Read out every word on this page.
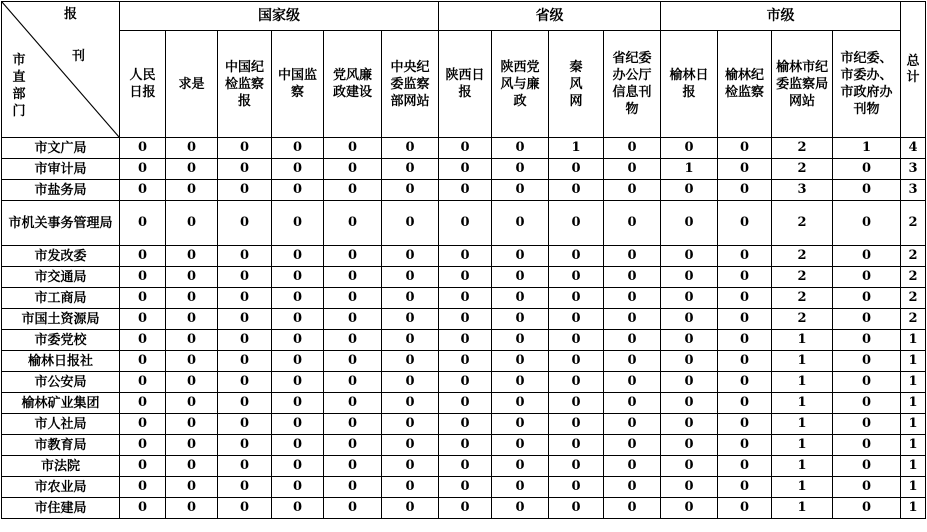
报
刊
市直部门	国家级						省级				市级				总计

	人民日报	求是	中国纪检监察报	中国监察	党风廉政建设	中央纪委监察部网站	陕西日报	陕西党风与廉政	秦风网	省纪委办公厅信息刊物	榆林日报	榆林纪检监察	榆林市纪委监察局网站	市纪委、市委办、市政府办刊物	
市文广局	0	0	0	0	0	0	0	0	1	0	0	0	2	1	4
市审计局	0	0	0	0	0	0	0	0	0	0	1	0	2	0	3
市盐务局	0	0	0	0	0	0	0	0	0	0	0	0	3	0	3
市机关事务管理局	0	0	0	0	0	0	0	0	0	0	0	0	2	0	2
市发改委	0	0	0	0	0	0	0	0	0	0	0	0	2	0	2
市交通局	0	0	0	0	0	0	0	0	0	0	0	0	2	0	2
市工商局	0	0	0	0	0	0	0	0	0	0	0	0	2	0	2
市国土资源局	0	0	0	0	0	0	0	0	0	0	0	0	2	0	2
市委党校	0	0	0	0	0	0	0	0	0	0	0	0	1	0	1
榆林日报社	0	0	0	0	0	0	0	0	0	0	0	0	1	0	1
市公安局	0	0	0	0	0	0	0	0	0	0	0	0	1	0	1
榆林矿业集团	0	0	0	0	0	0	0	0	0	0	0	0	1	0	1
市人社局	0	0	0	0	0	0	0	0	0	0	0	0	1	0	1
市教育局	0	0	0	0	0	0	0	0	0	0	0	0	1	0	1
市法院	0	0	0	0	0	0	0	0	0	0	0	0	1	0	1
市农业局	0	0	0	0	0	0	0	0	0	0	0	0	1	0	1
市住建局	0	0	0	0	0	0	0	0	0	0	0	0	1	0	1
